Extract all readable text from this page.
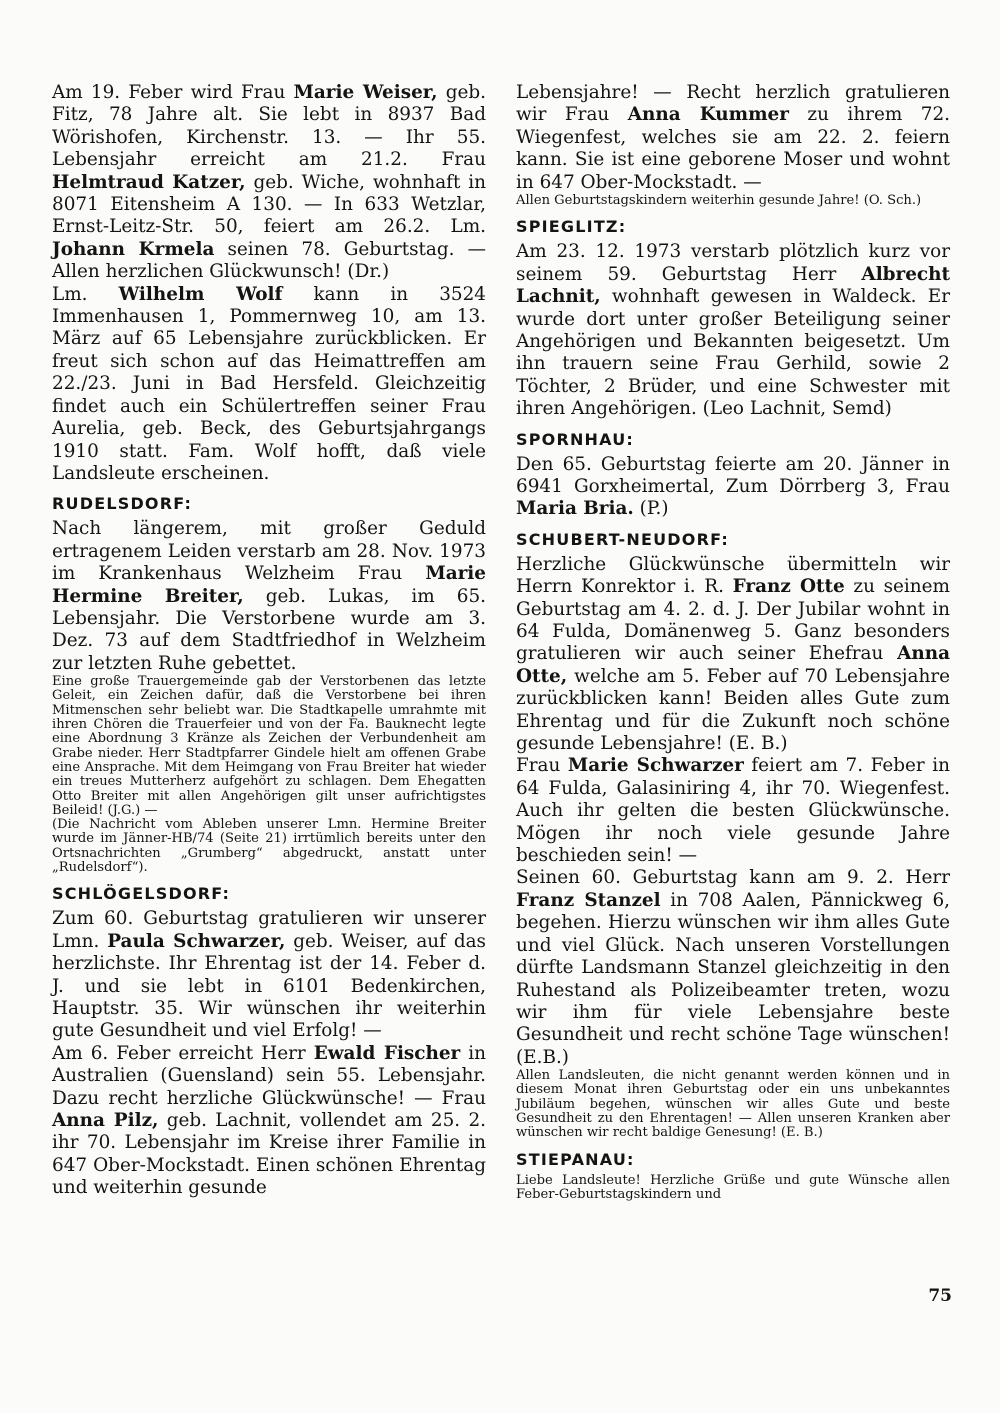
Am 19. Feber wird Frau Marie Weiser, geb. Fitz, 78 Jahre alt. Sie lebt in 8937 Bad Wörishofen, Kirchenstr. 13. — Ihr 55. Lebensjahr erreicht am 21.2. Frau Helmtraud Katzer, geb. Wiche, wohnhaft in 8071 Eitensheim A 130. — In 633 Wetzlar, Ernst-Leitz-Str. 50, feiert am 26.2. Lm. Johann Krmela seinen 78. Geburtstag. — Allen herzlichen Glückwunsch! (Dr.)

Lm. Wilhelm Wolf kann in 3524 Immenhausen 1, Pommernweg 10, am 13. März auf 65 Lebensjahre zurückblicken. Er freut sich schon auf das Heimattreffen am 22./23. Juni in Bad Hersfeld. Gleichzeitig findet auch ein Schülertreffen seiner Frau Aurelia, geb. Beck, des Geburtsjahrgangs 1910 statt. Fam. Wolf hofft, daß viele Landsleute erscheinen.

RUDELSDORF:

Nach längerem, mit großer Geduld ertragenem Leiden verstarb am 28. Nov. 1973 im Krankenhaus Welzheim Frau Marie Hermine Breiter, geb. Lukas, im 65. Lebensjahr. Die Verstorbene wurde am 3. Dez. 73 auf dem Stadtfriedhof in Welzheim zur letzten Ruhe gebettet.

Eine große Trauergemeinde gab der Verstorbenen das letzte Geleit, ein Zeichen dafür, daß die Verstorbene bei ihren Mitmenschen sehr beliebt war. Die Stadtkapelle umrahmte mit ihren Chören die Trauerfeier und von der Fa. Bauknecht legte eine Abordnung 3 Kränze als Zeichen der Verbundenheit am Grabe nieder. Herr Stadtpfarrer Gindele hielt am offenen Grabe eine Ansprache. Mit dem Heimgang von Frau Breiter hat wieder ein treues Mutterherz aufgehört zu schlagen. Dem Ehegatten Otto Breiter mit allen Angehörigen gilt unser aufrichtigstes Beileid! (J.G.) —

(Die Nachricht vom Ableben unserer Lmn. Hermine Breiter wurde im Jänner-HB/74 (Seite 21) irrtümlich bereits unter den Ortsnachrichten „Grumberg“ abgedruckt, anstatt unter „Rudelsdorf“).

SCHLÖGELSDORF:

Zum 60. Geburtstag gratulieren wir unserer Lmn. Paula Schwarzer, geb. Weiser, auf das herzlichste. Ihr Ehrentag ist der 14. Feber d. J. und sie lebt in 6101 Bedenkirchen, Hauptstr. 35. Wir wünschen ihr weiterhin gute Gesundheit und viel Erfolg! —

Am 6. Feber erreicht Herr Ewald Fischer in Australien (Guensland) sein 55. Lebensjahr. Dazu recht herzliche Glückwünsche! — Frau Anna Pilz, geb. Lachnit, vollendet am 25. 2. ihr 70. Lebensjahr im Kreise ihrer Familie in 647 Ober-Mockstadt. Einen schönen Ehrentag und weiterhin gesunde

Lebensjahre! — Recht herzlich gratulieren wir Frau Anna Kummer zu ihrem 72. Wiegenfest, welches sie am 22. 2. feiern kann. Sie ist eine geborene Moser und wohnt in 647 Ober-Mockstadt. —

Allen Geburtstagskindern weiterhin gesunde Jahre! (O. Sch.)

SPIEGLITZ:

Am 23. 12. 1973 verstarb plötzlich kurz vor seinem 59. Geburtstag Herr Albrecht Lachnit, wohnhaft gewesen in Waldeck. Er wurde dort unter großer Beteiligung seiner Angehörigen und Bekannten beigesetzt. Um ihn trauern seine Frau Gerhild, sowie 2 Töchter, 2 Brüder, und eine Schwester mit ihren Angehörigen. (Leo Lachnit, Semd)

SPORNHAU:

Den 65. Geburtstag feierte am 20. Jänner in 6941 Gorxheimertal, Zum Dörrberg 3, Frau Maria Bria. (P.)

SCHUBERT-NEUDORF:

Herzliche Glückwünsche übermitteln wir Herrn Konrektor i. R. Franz Otte zu seinem Geburtstag am 4. 2. d. J. Der Jubilar wohnt in 64 Fulda, Domänenweg 5. Ganz besonders gratulieren wir auch seiner Ehefrau Anna Otte, welche am 5. Feber auf 70 Lebensjahre zurückblicken kann! Beiden alles Gute zum Ehrentag und für die Zukunft noch schöne gesunde Lebensjahre! (E. B.)

Frau Marie Schwarzer feiert am 7. Feber in 64 Fulda, Galasiniring 4, ihr 70. Wiegenfest. Auch ihr gelten die besten Glückwünsche. Mögen ihr noch viele gesunde Jahre beschieden sein! —

Seinen 60. Geburtstag kann am 9. 2. Herr Franz Stanzel in 708 Aalen, Pännickweg 6, begehen. Hierzu wünschen wir ihm alles Gute und viel Glück. Nach unseren Vorstellungen dürfte Landsmann Stanzel gleichzeitig in den Ruhestand als Polizeibeamter treten, wozu wir ihm für viele Lebensjahre beste Gesundheit und recht schöne Tage wünschen! (E.B.)

Allen Landsleuten, die nicht genannt werden können und in diesem Monat ihren Geburtstag oder ein uns unbekanntes Jubiläum begehen, wünschen wir alles Gute und beste Gesundheit zu den Ehrentagen! — Allen unseren Kranken aber wünschen wir recht baldige Genesung! (E. B.)

STIEPANAU:

Liebe Landsleute! Herzliche Grüße und gute Wünsche allen Feber-Geburtstagskindern und

75
